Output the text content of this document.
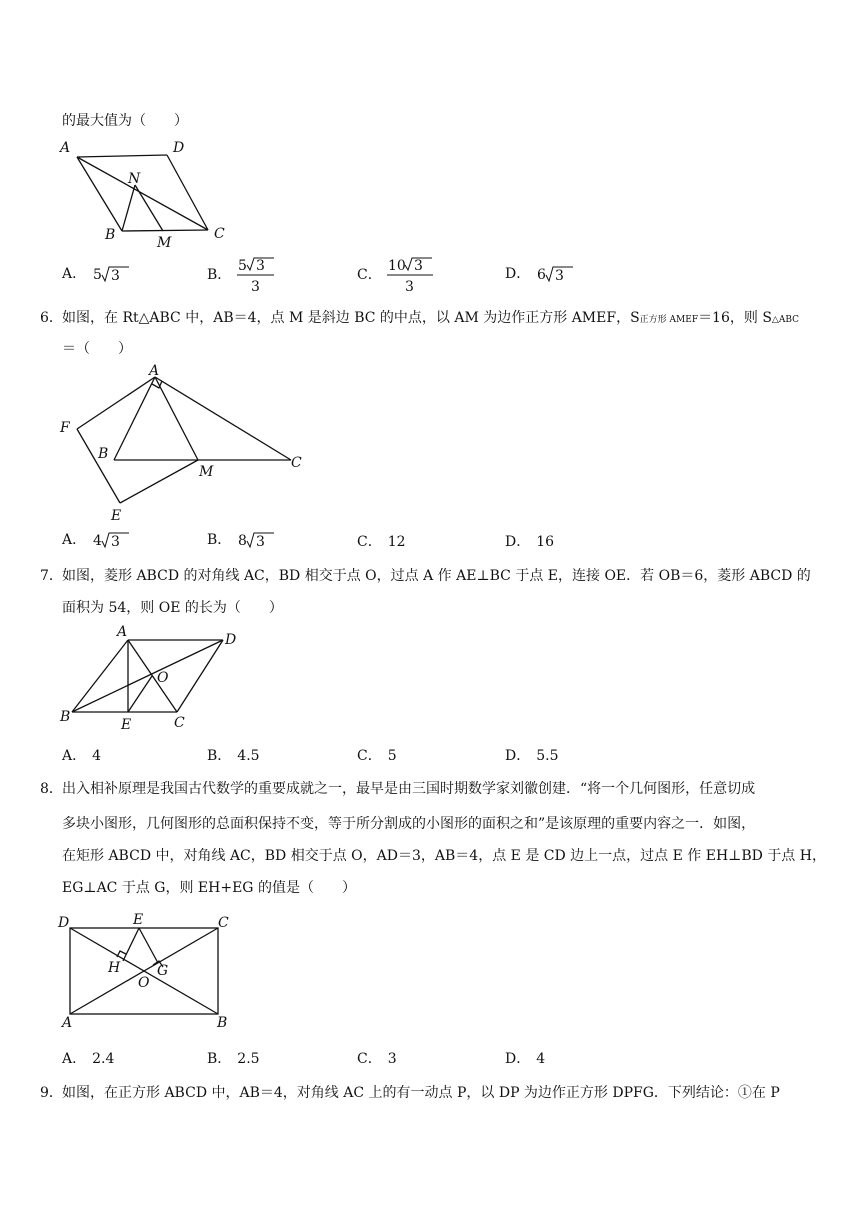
的最大值为（　　）
A	D
N
B	M
C
A． 5 3	B．
5 3
3
C．
10 3
3
D． 6 3
6． 如图，在 Rt△ABC 中，AB＝4，点 M 是斜边 BC 的中点，以 AM 为边作正方形 AMEF，S正方形 AMEF＝16，则 S△ABC
＝（　　）
A
F
B
M
C
E
A． 4 3	B． 8 3	C． 12	D． 16
7． 如图，菱形 ABCD 的对角线 AC，BD 相交于点 O，过点 A 作 AE⊥BC 于点 E，连接 OE．若 OB＝6，菱形 ABCD 的
面积为 54，则 OE 的长为（　　）
A	D
O
B	E	C
A． 4	B． 4.5	C． 5	D． 5.5
8． 出入相补原理是我国古代数学的重要成就之一，最早是由三国时期数学家刘徽创建．“将一个几何图形，任意切成
多块小图形，几何图形的总面积保持不变，等于所分割成的小图形的面积之和”是该原理的重要内容之一．如图，
在矩形 ABCD 中，对角线 AC，BD 相交于点 O，AD＝3，AB＝4，点 E 是 CD 边上一点，过点 E 作 EH⊥BD 于点 H，
EG⊥AC 于点 G，则 EH+EG 的值是（　　）
D	E	C
H	G
O
A	B
A． 2.4	B． 2.5	C． 3	D． 4
9． 如图，在正方形 ABCD 中，AB＝4，对角线 AC 上的有一动点 P，以 DP 为边作正方形 DPFG．下列结论：①在 P
